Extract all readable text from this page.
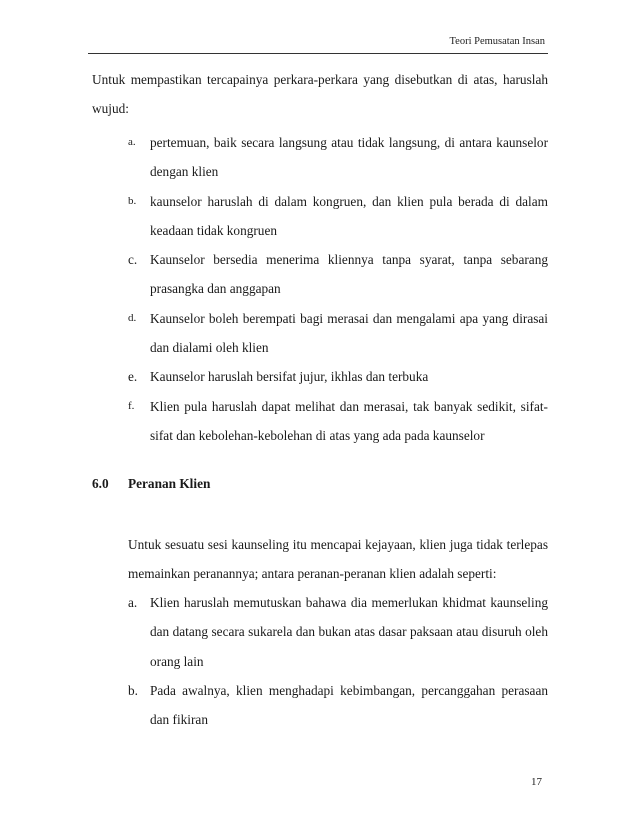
Teori Pemusatan Insan

Untuk mempastikan tercapainya perkara-perkara yang disebutkan di atas, haruslah wujud:

a. pertemuan, baik secara langsung atau tidak langsung, di antara kaunselor dengan klien
b. kaunselor haruslah di dalam kongruen, dan klien pula berada di dalam keadaan tidak kongruen
c. Kaunselor bersedia menerima kliennya tanpa syarat, tanpa sebarang prasangka dan anggapan
d. Kaunselor boleh berempati bagi merasai dan mengalami apa yang dirasai dan dialami oleh klien
e. Kaunselor haruslah bersifat jujur, ikhlas dan terbuka
f. Klien pula haruslah dapat melihat dan merasai, tak banyak sedikit, sifat-sifat dan kebolehan-kebolehan di atas yang ada pada kaunselor
6.0 Peranan Klien

Untuk sesuatu sesi kaunseling itu mencapai kejayaan, klien juga tidak terlepas memainkan peranannya; antara peranan-peranan klien adalah seperti:

a. Klien haruslah memutuskan bahawa dia memerlukan khidmat kaunseling dan datang secara sukarela dan bukan atas dasar paksaan atau disuruh oleh orang lain
b. Pada awalnya, klien menghadapi kebimbangan, percanggahan perasaan dan fikiran
17
